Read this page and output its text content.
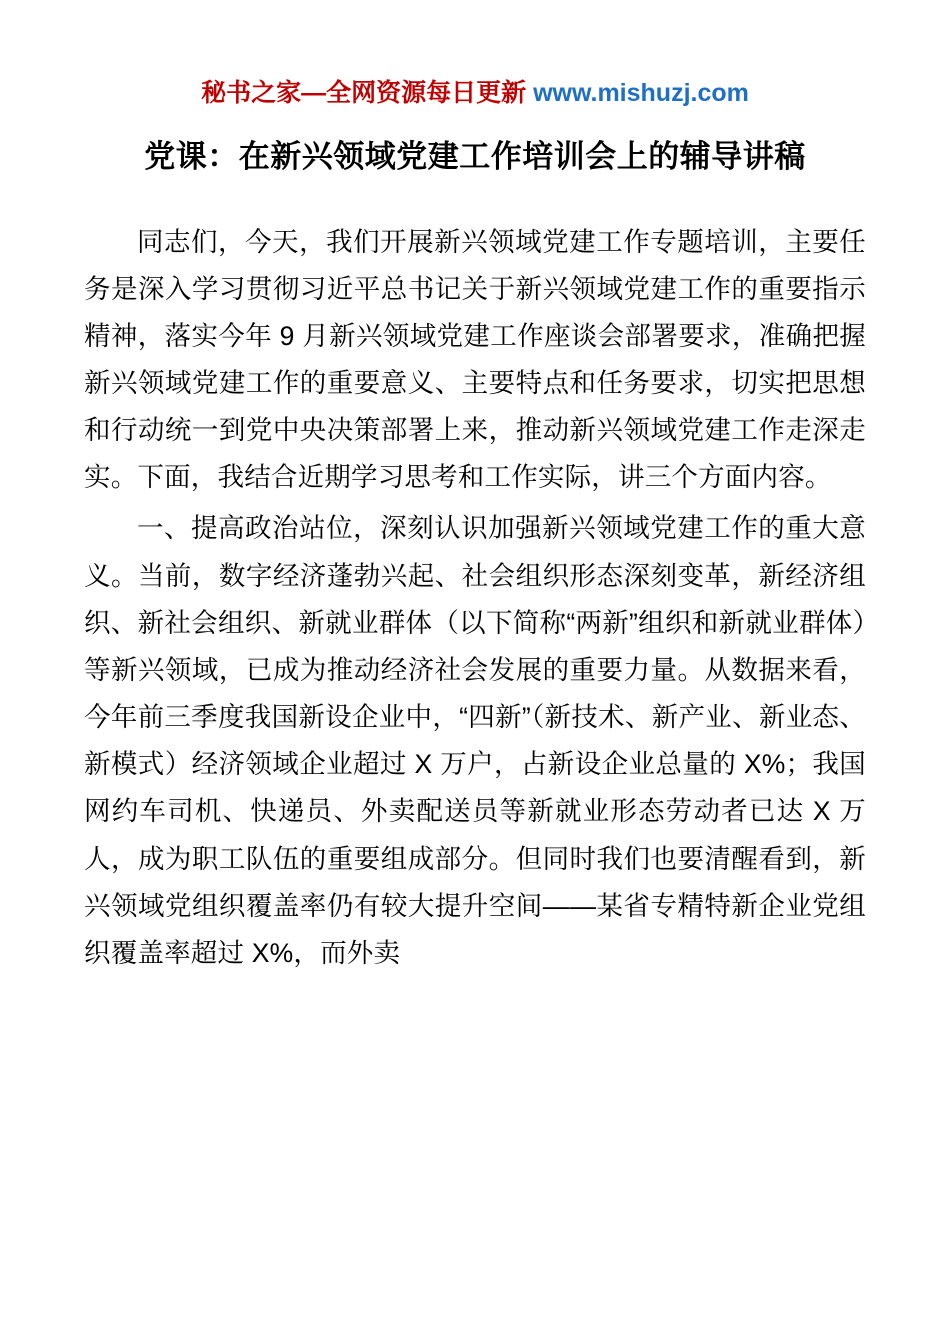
秘书之家—全网资源每日更新 www.mishuzj.com
党课：在新兴领域党建工作培训会上的辅导讲稿

同志们，今天，我们开展新兴领域党建工作专题培训，主要任务是深入学习贯彻习近平总书记关于新兴领域党建工作的重要指示精神，落实今年 9 月新兴领域党建工作座谈会部署要求，准确把握新兴领域党建工作的重要意义、主要特点和任务要求，切实把思想和行动统一到党中央决策部署上来，推动新兴领域党建工作走深走实。下面，我结合近期学习思考和工作实际，讲三个方面内容。

一、提高政治站位，深刻认识加强新兴领域党建工作的重大意义。当前，数字经济蓬勃兴起、社会组织形态深刻变革，新经济组织、新社会组织、新就业群体（以下简称“两新”组织和新就业群体）等新兴领域，已成为推动经济社会发展的重要力量。从数据来看，今年前三季度我国新设企业中，“四新”（新技术、新产业、新业态、新模式）经济领域企业超过 X 万户，占新设企业总量的 X%；我国网约车司机、快递员、外卖配送员等新就业形态劳动者已达 X 万人，成为职工队伍的重要组成部分。但同时我们也要清醒看到，新兴领域党组织覆盖率仍有较大提升空间——某省专精特新企业党组织覆盖率超过 X%，而外卖
